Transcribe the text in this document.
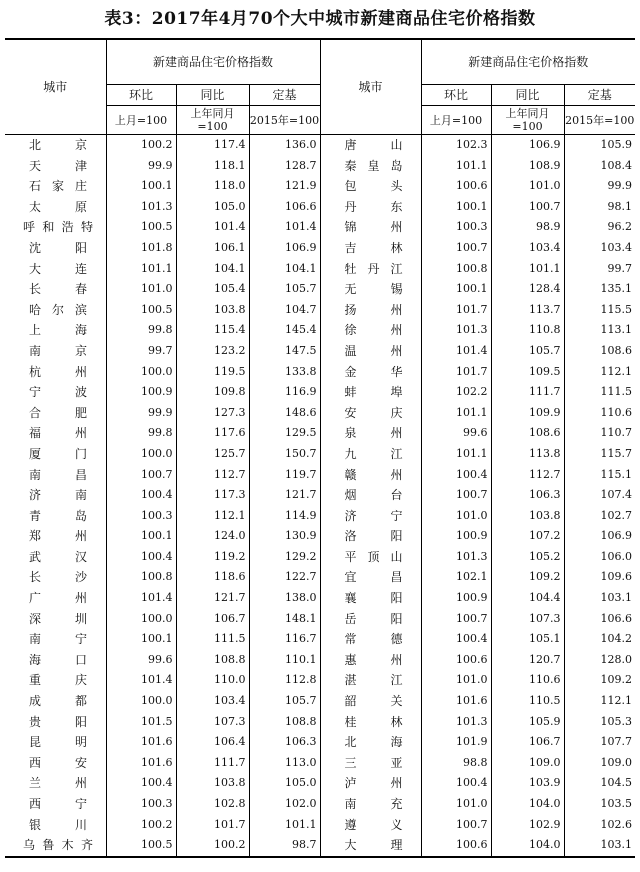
表3：2017年4月70个大中城市新建商品住宅价格指数
城市	新建商品住宅价格指数			城市	新建商品住宅价格指数		
	环比	同比	定基		环比	同比	定基
	上月=100	上年同月=100	2015年=100		上月=100	上年同月=100	2015年=100
北京	100.2	117.4	136.0	唐山	102.3	106.9	105.9
天津	99.9	118.1	128.7	秦皇岛	101.1	108.9	108.4
石家庄	100.1	118.0	121.9	包头	100.6	101.0	99.9
太原	101.3	105.0	106.6	丹东	100.1	100.7	98.1
呼和浩特	100.5	101.4	101.4	锦州	100.3	98.9	96.2
沈阳	101.8	106.1	106.9	吉林	100.7	103.4	103.4
大连	101.1	104.1	104.1	牡丹江	100.8	101.1	99.7
长春	101.0	105.4	105.7	无锡	100.1	128.4	135.1
哈尔滨	100.5	103.8	104.7	扬州	101.7	113.7	115.5
上海	99.8	115.4	145.4	徐州	101.3	110.8	113.1
南京	99.7	123.2	147.5	温州	101.4	105.7	108.6
杭州	100.0	119.5	133.8	金华	101.7	109.5	112.1
宁波	100.9	109.8	116.9	蚌埠	102.2	111.7	111.5
合肥	99.9	127.3	148.6	安庆	101.1	109.9	110.6
福州	99.8	117.6	129.5	泉州	99.6	108.6	110.7
厦门	100.0	125.7	150.7	九江	101.1	113.8	115.7
南昌	100.7	112.7	119.7	赣州	100.4	112.7	115.1
济南	100.4	117.3	121.7	烟台	100.7	106.3	107.4
青岛	100.3	112.1	114.9	济宁	101.0	103.8	102.7
郑州	100.1	124.0	130.9	洛阳	100.9	107.2	106.9
武汉	100.4	119.2	129.2	平顶山	101.3	105.2	106.0
长沙	100.8	118.6	122.7	宜昌	102.1	109.2	109.6
广州	101.4	121.7	138.0	襄阳	100.9	104.4	103.1
深圳	100.0	106.7	148.1	岳阳	100.7	107.3	106.6
南宁	100.1	111.5	116.7	常德	100.4	105.1	104.2
海口	99.6	108.8	110.1	惠州	100.6	120.7	128.0
重庆	101.4	110.0	112.8	湛江	101.0	110.6	109.2
成都	100.0	103.4	105.7	韶关	101.6	110.5	112.1
贵阳	101.5	107.3	108.8	桂林	101.3	105.9	105.3
昆明	101.6	106.4	106.3	北海	101.9	106.7	107.7
西安	101.6	111.7	113.0	三亚	98.8	109.0	109.0
兰州	100.4	103.8	105.0	泸州	100.4	103.9	104.5
西宁	100.3	102.8	102.0	南充	101.0	104.0	103.5
银川	100.2	101.7	101.1	遵义	100.7	102.9	102.6
乌鲁木齐	100.5	100.2	98.7	大理	100.6	104.0	103.1
